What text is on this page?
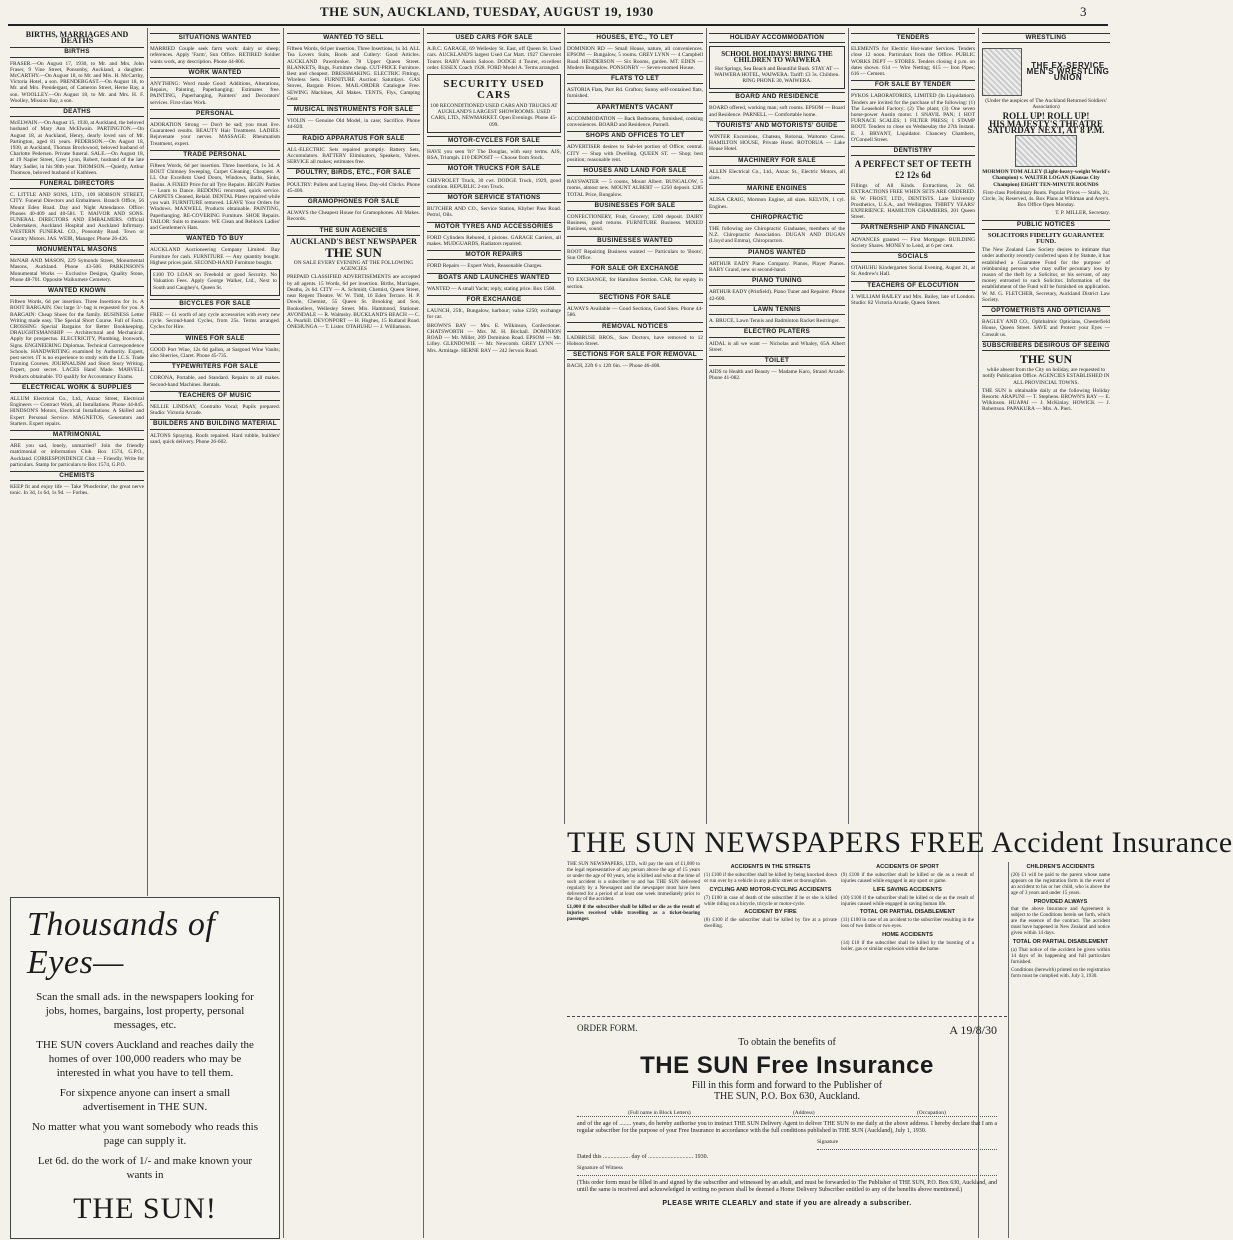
THE SUN, AUCKLAND, TUESDAY, AUGUST 19, 1930	3
BIRTHS, MARRIAGES AND DEATHS
BIRTHS

FRASER.—On August 17, 1930, to Mr. and Mrs. John Fraser, 9 Vine Street, Ponsonby, Auckland, a daughter. McCARTHY.—On August 18, to Mr. and Mrs. H. McCarthy, Victoria Hotel, a son. PRENDERGAST.—On August 18, to Mr. and Mrs. Prendergast, of Cameron Street, Herne Bay, a son. WOOLLEY.—On August 18, to Mr. and Mrs. H. F. Woolley, Mission Bay, a son.

DEATHS

McELWAIN.—On August 15, 1930, at Auckland, the beloved husband of Mary Ann McElwain. PARTINGTON.—On August 18, at Auckland, Henry, dearly loved son of Mr. Partington, aged 81 years. PEDERSON.—On August 18, 1930, at Auckland, Thomas Brockwood, beloved husband of Charlotte Pedersen. Private funeral. SALE.—On August 18, at 19 Napier Street, Grey Lynn, Robert, husband of the late Mary Sadler, in his 90th year. THOMSON.—Quietly, Arthur Thomson, beloved husband of Kathleen.

FUNERAL DIRECTORS

C. LITTLE AND SONS, LTD., 109 HOBSON STREET, CITY. Funeral Directors and Embalmers. Branch Office, 56 Mount Eden Road. Day and Night Attendance. Office: Phones 40-409 and 40-581. T. MAIVOR AND SONS. FUNERAL DIRECTORS AND EMBALMERS. Official Undertakers, Auckland Hospital and Auckland Infirmary. WESTERN FUNERAL CO., Ponsonby Road. Town or Country Motors. JAS. WEIR, Manager. Phone 26-426.

MONUMENTAL MASONS

McNAB AND MASON, 229 Symonds Street, Monumental Masons, Auckland. Phone 43-506. PARKINSON'S Monumental Works — Exclusive Designs, Quality Stone, Phone 48-701. Opposite Waikumete Cemetery.

WANTED KNOWN

Fifteen Words, 6d per insertion. Three Insertions for 1s. A BOOT BARGAIN. Our large 3/- bag is requested for you. A BARGAIN: Cheap Shoes for the family. BUSINESS Letter Writing made easy. The Special Short Course. Full of Facts. CROSSING Special Bargains for Better Bookkeeping. DRAUGHTSMANSHIP — Architectural and Mechanical. Apply for prospectus. ELECTRICITY, Plumbing, Ironwork, Signs. ENGINEERING Diplomas. Technical Correspondence Schools. HANDWRITING examined by Authority. Expert, post secret. IT is no experience to study with the I.C.S. Trade Training Courses. JOURNALISM and Short Story Writing. Expert, post secret. LACES Hand Made. MARVELL Products obtainable. TO qualify for Accountancy Exams.

ELECTRICAL WORK & SUPPLIES

ALLUM Electrical Co., Ltd., Anzac Street, Electrical Engineers — Contract Work, all Installations. Phone 44-845. HINDSON'S Motors, Electrical Installations. A Skilled and Expert Personal Service. MAGNETOS, Generators and Starters. Expert repairs.

MATRIMONIAL

ARE you sad, lonely, unmarried? Join the friendly matrimonial or information Club. Box 1574, G.P.O., Auckland. CORRESPONDENCE Club — Friendly. Write for particulars. Stamp for particulars to Box 1574, G.P.O.

CHEMISTS

KEEP fit and enjoy life — Take 'Phosferine', the great nerve tonic. In 3d, 1s 6d, 1s 9d. — Forbes.

SITUATIONS WANTED

MARRIED Couple seek farm work: dairy or sheep; references. Apply 'Farm', Sun Office. RETIRED Soldier wants work, any description. Phone 44-806.

WORK WANTED

ANYTHING: Word made Good: Additions, Alterations, Repairs, Painting, Paperhanging; Estimates free. PAINTING, Paperhanging, Painters' and Decorators' services. First-class Work.

PERSONAL

ADORATION Strong — Don't be sad; you must live. Guaranteed results. BEAUTY Hair Treatment. LADIES: Rejuvenate your nerves. MASSAGE: Rheumatism Treatment, expert.

TRADE PERSONAL

Fifteen Words, 6d per insertion. Three Insertions, 1s 3d. A BOUT Chimney Sweeping, Carpet Cleaning; Cheapest. A LL Our Excellent Used Doors, Windows, Baths, Sinks, Basins. A FIXED Price for all Tyre Repairs. BEGIN Parties — Learn to Dance. BEDDING renovated, quick service. CARPETS Cleaned, Relaid. DENTAL Plates repaired while you wait. FURNITURE removed. LEAVE Your Orders for Windows. MAXWELL Products obtainable. PAINTING, Paperhanging. RE-COVERING Furniture. SHOE Repairs. TAILOR: Suits to measure. WE Clean and Reblock Ladies' and Gentlemen's Hats.

WANTED TO BUY

AUCKLAND Auctioneering Company Limited. Buy Furniture for cash. FURNITURE — Any quantity bought. Highest prices paid. SECOND-HAND Furniture bought.

£100 TO LOAN on Freehold or good Security. No Valuation Fees. Apply George Walker, Ltd., Next to South and Caughey's, Queen St.

BICYCLES FOR SALE

FREE — £1 worth of any cycle accessories with every new cycle. Second-hand Cycles, from 25s. Terms arranged. Cycles for Hire.

WINES FOR SALE

GOOD Port Wine, 12s 6d gallon, at Sargood Wine Vaults; also Sherries, Claret. Phone 45-735.

TYPEWRITERS FOR SALE

CORONA, Portable, and Standard. Repairs to all makes. Second-hand Machines. Rentals.

TEACHERS OF MUSIC

NELLIE LINDSAY, Contralto Vocal; Pupils prepared. Studio: Victoria Arcade.

BUILDERS AND BUILDING MATERIAL

ALTONS Spraying. Roofs repaired. Hard rubble, builders' sand, quick delivery. Phone 26-602.

WANTED TO SELL

Fifteen Words, 6d per insertion. Three Insertions, 1s 3d. ALL Tea Lovers Suits, Boots and Cutlery: Good Articles. AUCKLAND Pawnbroker. 78 Upper Queen Street. BLANKETS, Rugs, Furniture cheap. CUT-PRICE Furniture. Best and cheapest. DRESSMAKING. ELECTRIC Fittings, Wireless Sets. FURNITURE Auction: Saturdays. GAS Stoves, Bargain Prices. MAIL-ORDER Catalogue Free. SEWING Machines, All Makes. TENTS, Flys, Camping Gear.

MUSICAL INSTRUMENTS FOR SALE

VIOLIN — Genuine Old Model, in case; Sacrifice. Phone 44-820.

RADIO APPARATUS FOR SALE

ALL-ELECTRIC Sets repaired promptly. Battery Sets, Accumulators. BATTERY Eliminators, Speakers, Valves. SERVICE all makes; estimates free.

POULTRY, BIRDS, ETC., FOR SALE

POULTRY: Pullets and Laying Hens. Day-old Chicks. Phone 45-400.

GRAMOPHONES FOR SALE

ALWAYS the Cheapest House for Gramophones. All Makes. Records.

THE SUN AGENCIES
AUCKLAND'S BEST NEWSPAPER
THE SUN

ON SALE EVERY EVENING AT THE FOLLOWING AGENCIES

PREPAID CLASSIFIED ADVERTISEMENTS are accepted by all agents. 15 Words, 6d per insertion. Births, Marriages, Deaths, 2s 6d. CITY — A. Schmidt, Chemist, Queen Street, near Regent Theatre. W. W. Tidd, 16 Eden Terrace. H. P. Dowle, Chemist, 55 Queen St. Brooking and Son, Booksellers, Wellesley Street. Mrs. Hammond, Stationer. AVONDALE — R. Walmsby. BUCKLAND'S BEACH — C. A. Pearhill. DEVONPORT — H. Hughes, 15 Rutland Road. ONEHUNGA — T. Lister. OTAHUHU — J. Williamson.

USED CARS FOR SALE

A.B.C. GARAGE, 69 Wellesley St. East, off Queen St. Used cars. AUCKLAND'S largest Used Car Mart. 1927 Chevrolet Tourer. BABY Austin Saloon. DODGE 4 Tourer, excellent order. ESSEX Coach 1928. FORD Model A. Terms arranged.

SECURITY USED CARS

100 RECONDITIONED USED CARS AND TRUCKS AT AUCKLAND'S LARGEST SHOWROOMS. USED CARS, LTD., NEWMARKET. Open Evenings. Phone 45-099.

MOTOR-CYCLES FOR SALE

HAVE you seen 'It?' The Douglas, with easy terms. AJS, BSA, Triumph. £10 DEPOSIT — Choose from Stock.

MOTOR TRUCKS FOR SALE

CHEVROLET Truck, 30 cwt. DODGE Truck, 1929, good condition. REPUBLIC 2-ton Truck.

MOTOR SERVICE STATIONS

BUTCHER AND CO., Service Station, Khyber Pass Road. Petrol, Oils.

MOTOR TYRES AND ACCESSORIES

FORD Cylinders Rebored, 4 pistons. GARAGE Carriers, all makes. MUDGUARDS, Radiators repaired.

MOTOR REPAIRS

FORD Repairs — Expert Work, Reasonable Charges.

BOATS AND LAUNCHES WANTED

WANTED — A small Yacht; reply, stating price. Box 1560.

FOR EXCHANGE

LAUNCH, 25ft., Bungalow, harbour; value £250; exchange for car.

BROWN'S BAY — Mrs. E. Wilkinson, Confectioner. CHATSWORTH — Mrs. M. H. Birchall. DOMINION ROAD — Mr. Miller, 209 Dominion Road. EPSOM — Mr. Lilley. GLENDOWIE — Mr. Newcomb. GREY LYNN — Mrs. Armitage. HERNE BAY — 242 Jervois Road.

HOUSES, ETC., TO LET

DOMINION RD — Small House, nature, all conveniences. EPSOM — Bungalow, 5 rooms. GREY LYNN — 4 Campbell Road. HENDERSON — Six Rooms, garden. MT. EDEN — Modern Bungalow. PONSONBY — Seven-roomed House.

FLATS TO LET

ASTORIA Flats, Parr Rd. Grafton; Sunny self-contained flats, furnished.

APARTMENTS VACANT

ACCOMMODATION — Back Bedrooms, furnished, cooking conveniences. BOARD and Residence, Parnell.

SHOPS AND OFFICES TO LET

ADVERTISER desires to Sub-let portion of Office; central. CITY — Shop with Dwelling. QUEEN ST. — Shop; best position; reasonable rent.

HOUSES AND LAND FOR SALE

BAYSWATER — 5 rooms, Mount Albert. BUNGALOW, 5 rooms, almost new. MOUNT ALBERT — £250 deposit. £285 TOTAL Price, Bungalow.

BUSINESSES FOR SALE

CONFECTIONERY, Fruit, Grocery; £200 deposit. DAIRY Business, good returns. FURNITURE Business. MIXED Business, sound.

BUSINESSES WANTED

BOOT Repairing Business wanted — Particulars to 'Boots', Sun Office.

FOR SALE OR EXCHANGE

TO EXCHANGE, for Hamilton Section. CAR, for equity in section.

SECTIONS FOR SALE

ALWAYS Available — Good Sections, Good Sites. Phone 44-586.

REMOVAL NOTICES

LADBRUSE BROS., Saw Doctors, have removed to 12 Hobson Street.

SECTIONS FOR SALE FOR REMOVAL

BACH, 22ft 6 x 12ft 6in. — Phone 46-408.

HOLIDAY ACCOMMODATION
SCHOOL HOLIDAYS! BRING THE CHILDREN TO WAIWERA

Hot Springs, Sea Beach and Beautiful Bush. STAY AT — WAIWERA HOTEL, WAIWERA. Tariff: £3 3s. Children. RING PHONE 30, WAIWERA.

BOARD AND RESIDENCE

BOARD offered, working man; soft rooms. EPSOM — Board and Residence. PARNELL — Comfortable home.

TOURISTS' AND MOTORISTS' GUIDE

WINTER Excursions, Chateau, Rotorua, Waitomo Caves. HAMILTON HOUSE, Private Hotel. ROTORUA — Lake House Hotel.

MACHINERY FOR SALE

ALLEN Electrical Co., Ltd., Anzac St., Electric Motors, all sizes.

MARINE ENGINES

ALISA CRAIG, Mormon Engine, all sizes. KELVIN, 1 cyl. Engines.

CHIROPRACTIC

THE following are Chiropractic Graduates, members of the N.Z. Chiropractic Association. DUGAN AND DUGAN (Lloyd and Emma), Chiropractors.

PIANOS WANTED

ARTHUR EADY Piano Company. Pianos, Player Pianos. BABY Grand, new or second-hand.

PIANO TUNING

ARTHUR EADY (Prinfield). Piano Tuner and Repairer. Phone 42-600.

LAWN TENNIS

A. BRUCE, Lawn Tennis and Badminton Racket Restringer.

ELECTRO PLATERS

AIDAL is all we want — Nicholas and Whaley, 65A Albert Street.

TOILET

AIDS to Health and Beauty — Madame Karo, Strand Arcade. Phone 41-082.

TENDERS

ELEMENTS for Electric Hot-water Services. Tenders close 12 noon. Particulars from the Office. PUBLIC WORKS DEPT — STORES. Tenders closing 4 p.m. on dates shown. 614 — Wire Netting; 615 — Iron Pipes; 616 — Cement.

FOR SALE BY TENDER

PYKOS LABORATORIES, LIMITED (In Liquidation). Tenders are invited for the purchase of the following: (1) The Leasehold Factory; (2) The plant; (3) One seven horse-power Austin motor. 1 SNAVIL PAN; 1 HOT FURNACE SCALES; 1 FILTER PRESS; 1 STAMP BOOT. Tenders to close on Wednesday the 27th Instant. E. J. BRYANT, Liquidator. Chancery Chambers, O'Connell Street.

DENTISTRY
A PERFECT SET OF TEETH £2 12s 6d

Fillings of All Kinds. Extractions, 2s 6d. EXTRACTIONS FREE WHEN SETS ARE ORDERED. H. W. FROST, LTD., DENTISTS. Late University Prosthetics, U.S.A., and Wellington. THIRTY YEARS' EXPERIENCE. HAMILTON CHAMBERS, 201 Queen Street.

PARTNERSHIP AND FINANCIAL

ADVANCES granted — First Mortgage. BUILDING Society Shares. MONEY to Lend, at 6 per cent.

SOCIALS

OTAHUHU Kindergarten Social Evening, August 21, at St. Andrew's Hall.

TEACHERS OF ELOCUTION

J. WILLIAM BAILEY and Mrs. Bailey, late of London. Studio: 82 Victoria Arcade, Queen Street.

WRESTLING
THE EX-SERVICE MEN'S WRESTLING UNION

(Under the auspices of The Auckland Returned Soldiers' Association)

ROLL UP! ROLL UP!
HIS MAJESTY'S THEATRE SATURDAY NEXT, AT 8 P.M.

MORMON TOM ALLEY (Light-heavy-weight World's Champion) v. WALTER LOGAN (Kansas City Champion) EIGHT TEN-MINUTE ROUNDS

First-class Preliminary Bouts. Popular Prices — Stalls, 2s; Circle, 3s; Reserved, 4s. Box Plans at Wildman and Arey's. Box Office Open Monday.

T. P. MILLER, Secretary.

PUBLIC NOTICES
SOLICITORS FIDELITY GUARANTEE FUND.

The New Zealand Law Society desires to intimate that under authority recently conferred upon it by Statute, it has established a Guarantee Fund for the purpose of reimbursing persons who may suffer pecuniary loss by reason of the theft by a Solicitor, or his servant, of any money entrusted to such Solicitor. Information of the establishment of the Fund will be furnished on application. W. M. G. FLETCHER, Secretary, Auckland District Law Society.

OPTOMETRISTS AND OPTICIANS

BAGLEY AND CO., Ophthalmic Opticians, Chesterfield House, Queen Street. SAVE and Protect your Eyes — Consult us.

SUBSCRIBERS DESIROUS OF SEEING
THE SUN

while absent from the City on holiday, are requested to notify Publication Office. AGENCIES ESTABLISHED IN ALL PROVINCIAL TOWNS.

THE SUN is obtainable daily at the following Holiday Resorts: ARAPUNI — T. Stephens. BROWN'S BAY — E. Wilkinson. HUAPAI — J. McKinlay. HOWICK — J. Robertson. PAPAKURA — Mrs. A. Pieri.

Thousands of Eyes—

Scan the small ads. in the newspapers looking for jobs, homes, bargains, lost property, personal messages, etc.

THE SUN covers Auckland and reaches daily the homes of over 100,000 readers who may be interested in what you have to tell them.

For sixpence anyone can insert a small advertisement in THE SUN.

No matter what you want somebody who reads this page can supply it.

Let 6d. do the work of 1/- and make known your wants in

THE SUN!
THE SUN NEWSPAPERS FREE Accident Insurance

THE SUN NEWSPAPERS, LTD., will pay the sum of £1,000 to the legal representative of any person above the age of 15 years or under the age of 60 years, who is killed and who at the time of such accident is a subscriber to and has THE SUN delivered regularly by a Newsagent and the newspaper must have been delivered for a period of at least one week immediately prior to the day of the accident.

£1,000 if the subscriber shall be killed or die as the result of injuries received while travelling as a ticket-bearing passenger.

ACCIDENTS IN THE STREETS

(1) £100 if the subscriber shall be killed by being knocked down or run over by a vehicle in any public street or thoroughfare.

CYCLING AND MOTOR-CYCLING ACCIDENTS

(7) £100 in case of death of the subscriber if he or she is killed while riding on a bicycle, tricycle or motor-cycle.

ACCIDENT BY FIRE

(8) £100 if the subscriber shall be killed by fire at a private dwelling.

ACCIDENTS OF SPORT

(9) £100 if the subscriber shall be killed or die as a result of injuries caused while engaged in any sport or game.

LIFE SAVING ACCIDENTS

(10) £100 if the subscriber shall be killed or die as the result of injuries caused while engaged in saving human life.

TOTAL OR PARTIAL DISABLEMENT

(11) £100 in case of an accident to the subscriber resulting in the loss of two limbs or two eyes.

HOME ACCIDENTS

(14) £10 if the subscriber shall be killed by the bursting of a boiler, gas or similar explosion within the home.

CHILDREN'S ACCIDENTS

(20) £1 will be paid to the parent whose name appears on the registration form in the event of an accident to his or her child, who is above the age of 3 years and under 15 years.

PROVIDED ALWAYS

that the above Insurance and Agreement is subject to the Conditions herein set forth, which are the essence of the contract. The accident must have happened in New Zealand and notice given within 14 days.

TOTAL OR PARTIAL DISABLEMENT

(a) That notice of the accident be given within 14 days of its happening and full particulars furnished.

Conditions (herewith) printed on the registration form must be complied with. July 3, 1930.

ORDER FORM.	A 19/8/30
To obtain the benefits of
THE SUN Free Insurance
Fill in this form and forward to the Publisher of
THE SUN, P.O. Box 630, Auckland.
(Full name in Block Letters)	(Address)	(Occupation)
and of the age of ........ years, do hereby authorise you to instruct THE SUN Delivery Agent to deliver THE SUN to me daily at the above address. I hereby declare that I am a regular subscriber for the purpose of your Free Insurance in accordance with the full conditions published in THE SUN (Auckland), July 1, 1930.
Signature
Dated this .................. day of .............................. 1930.
Signature of Witness
(This order form must be filled in and signed by the subscriber and witnessed by an adult, and must be forwarded to The Publisher of THE SUN, P.O. Box 630, Auckland, and until the same is received and acknowledged in writing no person shall be deemed a Home Delivery Subscriber entitled to any of the benefits above mentioned.)
PLEASE WRITE CLEARLY and state if you are already a subscriber.
